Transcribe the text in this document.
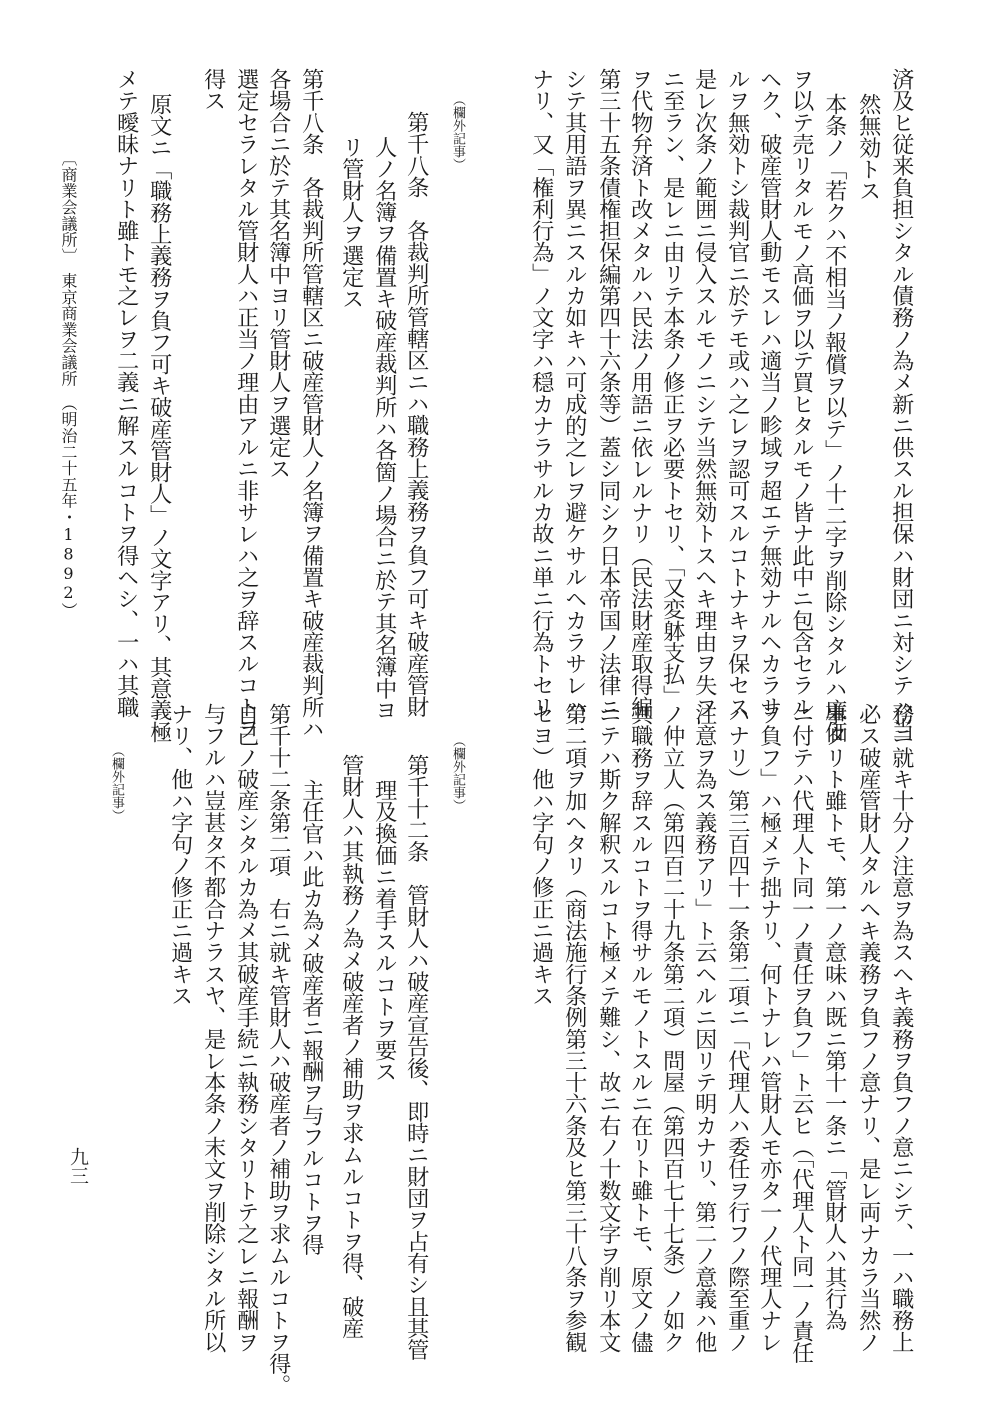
済及ヒ従来負担シタル債務ノ為メ新ニ供スル担保ハ財団ニ対シテハ当
然無効トス
本条ノ「若クハ不相当ノ報償ヲ以テ」ノ十二字ヲ削除シタルハ廉価
ヲ以テ売リタルモノ高価ヲ以テ買ヒタルモノ皆ナ此中ニ包含セラル
ヘク、破産管財人動モスレハ適当ノ畛域ヲ超エテ無効ナルヘカラサ
ルヲ無効トシ裁判官ニ於テモ或ハ之レヲ認可スルコトナキヲ保セス
是レ次条ノ範囲ニ侵入スルモノニシテ当然無効トスヘキ理由ヲ失フ
ニ至ラン、是レニ由リテ本条ノ修正ヲ必要トセリ、「又変躰支払」
ヲ代物弁済ト改メタルハ民法ノ用語ニ依レルナリ（民法財産取得編
第三十五条債権担保編第四十六条等）蓋シ同シク日本帝国ノ法律ニ
シテ其用語ヲ異ニスルカ如キハ可成的之レヲ避ケサルヘカラサレハ
ナリ、又「権利行為」ノ文字ハ穏カナラサルカ故ニ単ニ行為トセリ
（欄外記事）
第千八条　各裁判所管轄区ニハ職務上義務ヲ負フ可キ破産管財
人ノ名簿ヲ備置キ破産裁判所ハ各箇ノ場合ニ於テ其名簿中ヨ
リ管財人ヲ選定ス
第千八条　各裁判所管轄区ニ破産管財人ノ名簿ヲ備置キ破産裁判所ハ
各場合ニ於テ其名簿中ヨリ管財人ヲ選定ス
選定セラレタル管財人ハ正当ノ理由アルニ非サレハ之ヲ辞スルコトヲ
得ス
原文ニ「職務上義務ヲ負フ可キ破産管財人」ノ文字アリ、其意義極
メテ曖昧ナリト雖トモ之レヲ二義ニ解スルコトヲ得ヘシ、一ハ其職
務ニ就キ十分ノ注意ヲ為スヘキ義務ヲ負フノ意ニシテ、一ハ職務上
必ス破産管財人タルヘキ義務ヲ負フノ意ナリ、是レ両ナカラ当然ノ
事タリト雖トモ、第一ノ意味ハ既ニ第十一条ニ「管財人ハ其行為
ニ付テハ代理人ト同一ノ責任ヲ負フ」ト云ヒ（「代理人ト同一ノ責任
ヲ負フ」ハ極メテ拙ナリ、何トナレハ管財人モ亦タ一ノ代理人ナレ
ハナリ）第三百四十一条第二項ニ「代理人ハ委任ヲ行フノ際至重ノ
注意ヲ為ス義務アリ」ト云ヘルニ因リテ明カナリ、第二ノ意義ハ他
ノ仲立人（第四百二十九条第二項）問屋（第四百七十七条）ノ如ク
其職務ヲ辞スルコトヲ得サルモノトスルニ在リト雖トモ、原文ノ儘
ニテハ斯ク解釈スルコト極メテ難シ、故ニ右ノ十数文字ヲ削リ本文
第二項ヲ加ヘタリ（商法施行条例第三十六条及ヒ第三十八条ヲ参観
セヨ）他ハ字句ノ修正ニ過キス
（欄外記事）
第千十二条　管財人ハ破産宣告後、即時ニ財団ヲ占有シ且其管
理及換価ニ着手スルコトヲ要ス
管財人ハ其執務ノ為メ破産者ノ補助ヲ求ムルコトヲ得、破産
主任官ハ此カ為メ破産者ニ報酬ヲ与フルコトヲ得
第千十二条第二項　右ニ就キ管財人ハ破産者ノ補助ヲ求ムルコトヲ得。
自己ノ破産シタルカ為メ其破産手続ニ執務シタリトテ之レニ報酬ヲ
与フルハ豈甚タ不都合ナラスヤ、是レ本条ノ末文ヲ削除シタル所以
ナリ、他ハ字句ノ修正ニ過キス
（欄外記事）
〔商業会議所〕　東京商業会議所　（明治二十五年・1892）
九三
